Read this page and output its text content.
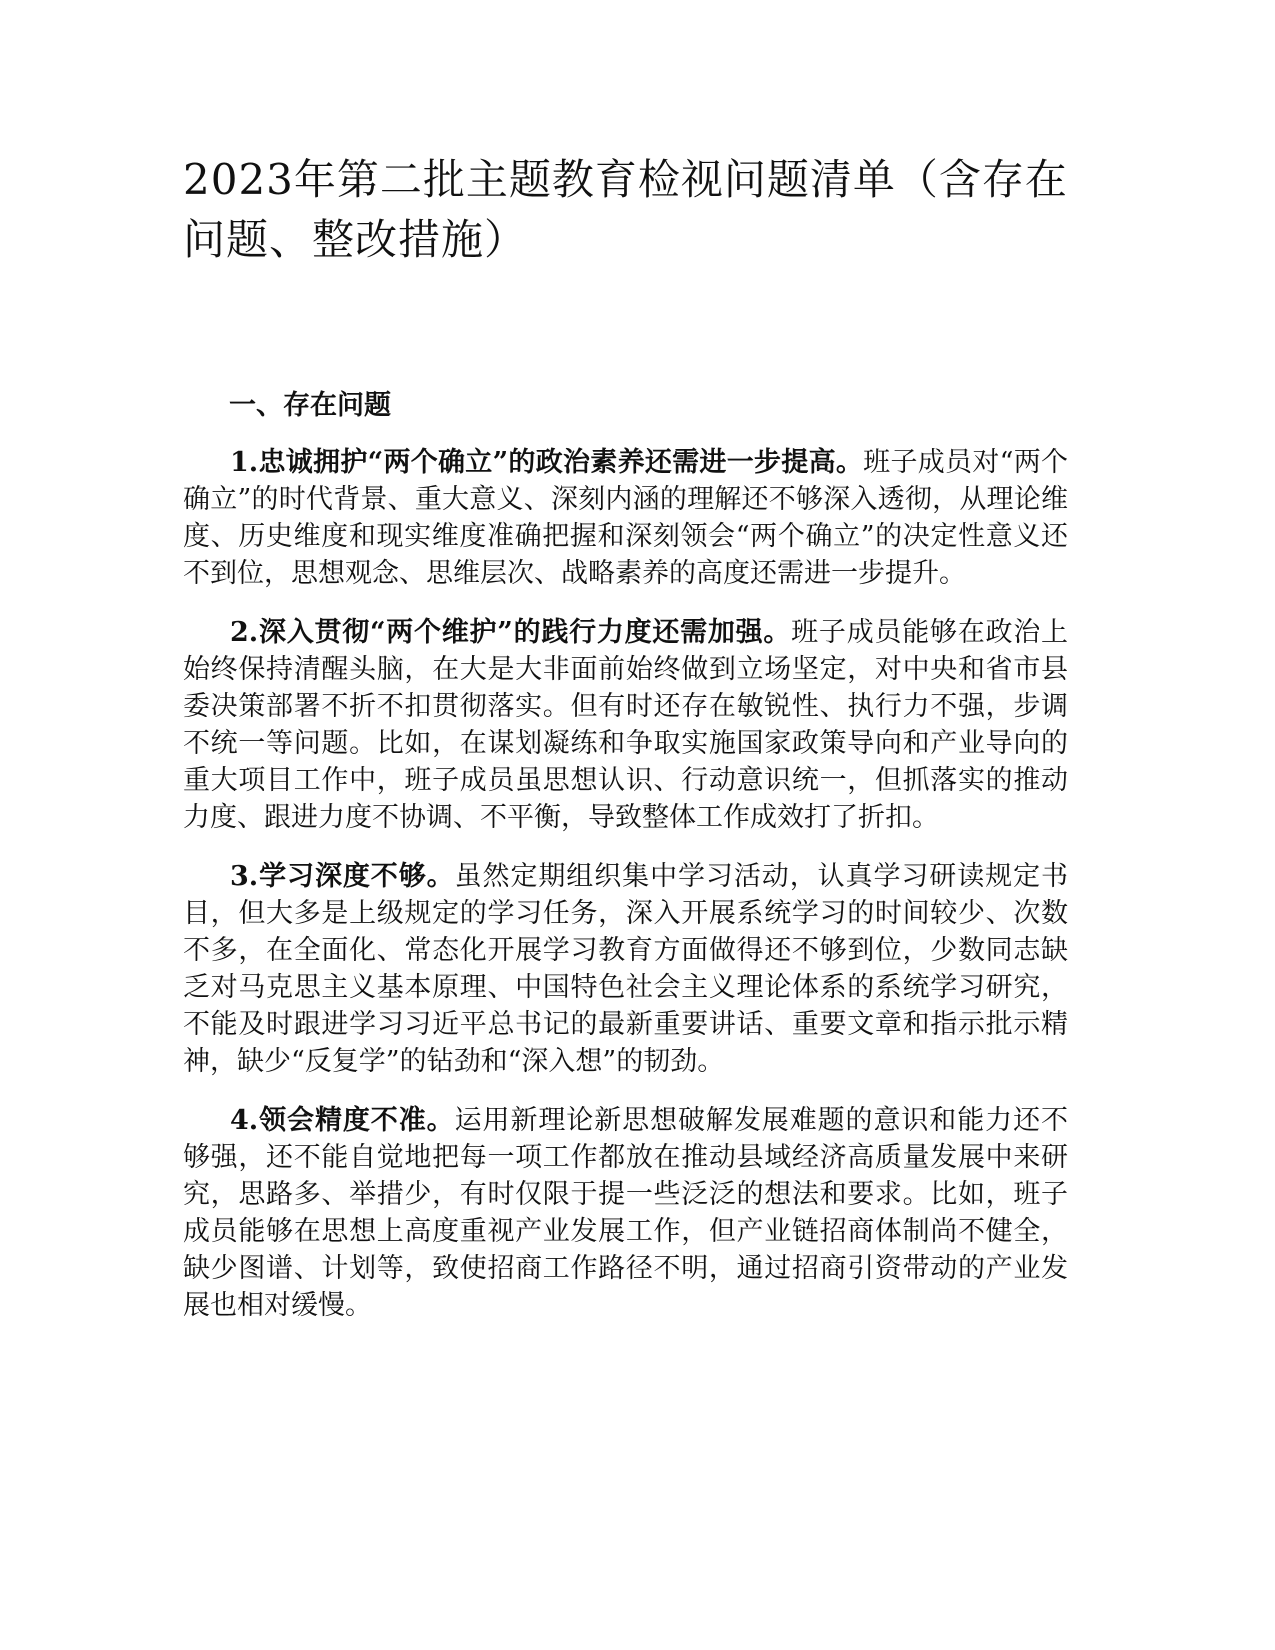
2023年第二批主题教育检视问题清单（含存在问题、整改措施）
一、存在问题

1.忠诚拥护“两个确立”的政治素养还需进一步提高。班子成员对“两个确立”的时代背景、重大意义、深刻内涵的理解还不够深入透彻，从理论维度、历史维度和现实维度准确把握和深刻领会“两个确立”的决定性意义还不到位，思想观念、思维层次、战略素养的高度还需进一步提升。

2.深入贯彻“两个维护”的践行力度还需加强。班子成员能够在政治上始终保持清醒头脑，在大是大非面前始终做到立场坚定，对中央和省市县委决策部署不折不扣贯彻落实。但有时还存在敏锐性、执行力不强，步调不统一等问题。比如，在谋划凝练和争取实施国家政策导向和产业导向的重大项目工作中，班子成员虽思想认识、行动意识统一，但抓落实的推动力度、跟进力度不协调、不平衡，导致整体工作成效打了折扣。

3.学习深度不够。虽然定期组织集中学习活动，认真学习研读规定书目，但大多是上级规定的学习任务，深入开展系统学习的时间较少、次数不多，在全面化、常态化开展学习教育方面做得还不够到位，少数同志缺乏对马克思主义基本原理、中国特色社会主义理论体系的系统学习研究，不能及时跟进学习习近平总书记的最新重要讲话、重要文章和指示批示精神，缺少“反复学”的钻劲和“深入想”的韧劲。

4.领会精度不准。运用新理论新思想破解发展难题的意识和能力还不够强，还不能自觉地把每一项工作都放在推动县域经济高质量发展中来研究，思路多、举措少，有时仅限于提一些泛泛的想法和要求。比如，班子成员能够在思想上高度重视产业发展工作，但产业链招商体制尚不健全，缺少图谱、计划等，致使招商工作路径不明，通过招商引资带动的产业发展也相对缓慢。
